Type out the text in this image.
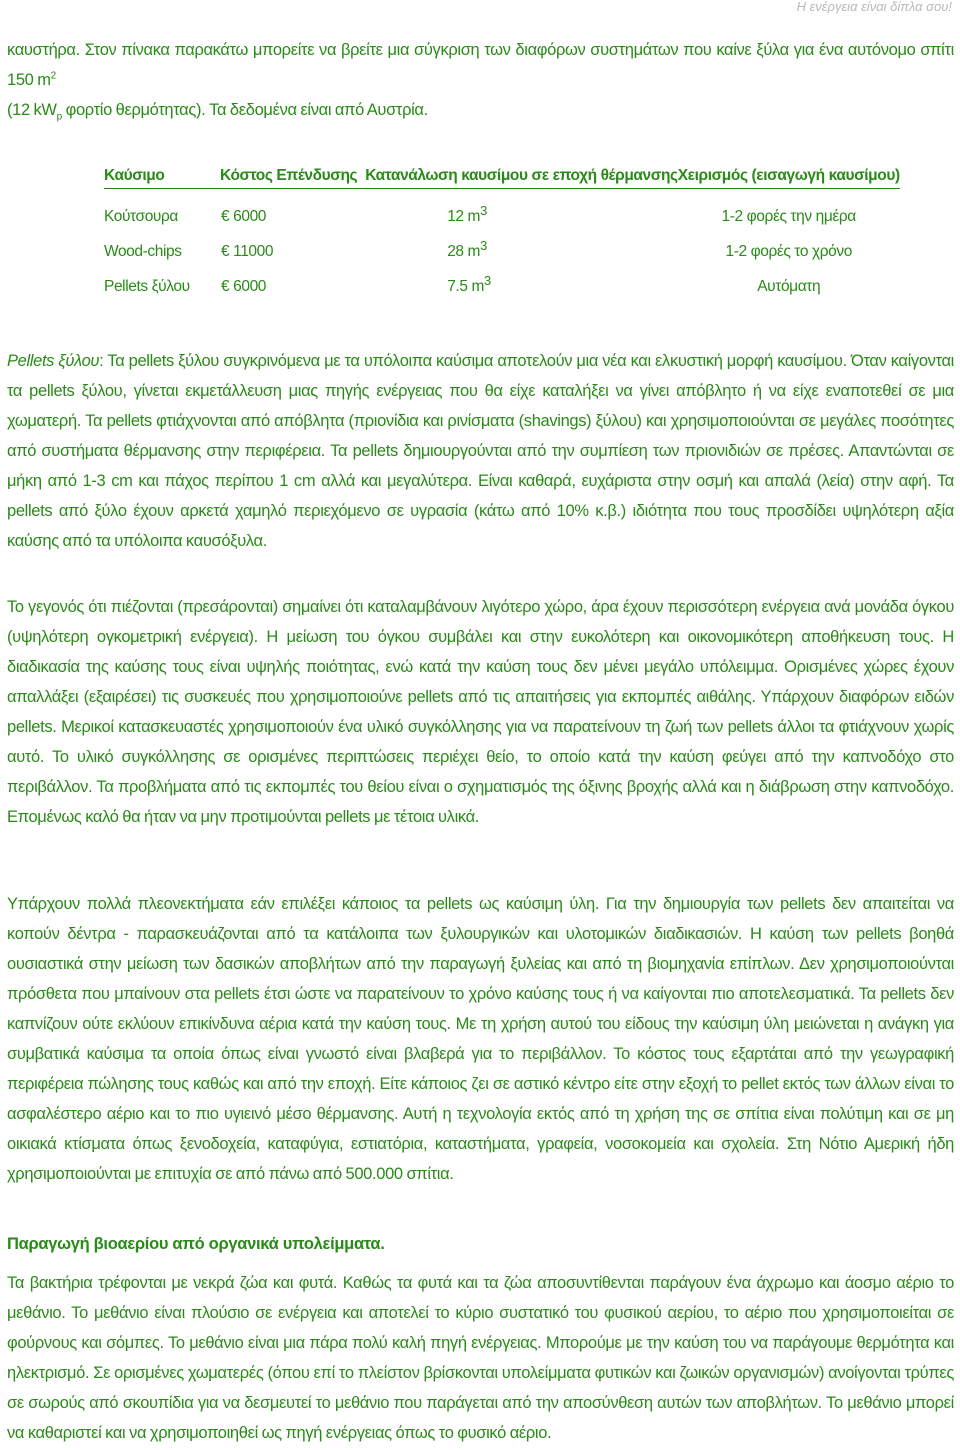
Η ενέργεια είναι δίπλα σου!

καυστήρα. Στον πίνακα παρακάτω μπορείτε να βρείτε μια σύγκριση των διαφόρων συστημάτων που καίνε ξύλα για ένα αυτόνομο σπίτι 150 $m^2$
(12 $kW_p$ φορτίο θερμότητας). Τα δεδομένα είναι από Αυστρία.

Καύσιμο	Κόστος Επένδυσης	Κατανάλωση καυσίμου σε εποχή θέρμανσης	Χειρισμός (εισαγωγή καυσίμου)
Κούτσουρα	€ 6000	12 $m^3$	1-2 φορές την ημέρα
Wood-chips	€ 11000	28 $m^3$	1-2 φορές το χρόνο
Pellets ξύλου	€ 6000	7.5 $m^3$	Αυτόματη

Pellets ξύλου: Τα pellets ξύλου συγκρινόμενα με τα υπόλοιπα καύσιμα αποτελούν μια νέα και ελκυστική μορφή καυσίμου. Όταν καίγονται τα pellets ξύλου, γίνεται εκμετάλλευση μιας πηγής ενέργειας που θα είχε καταλήξει να γίνει απόβλητο ή να είχε εναποτεθεί σε μια χωματερή. Τα pellets φτιάχνονται από απόβλητα (πριονίδια και ρινίσματα (shavings) ξύλου) και χρησιμοποιούνται σε μεγάλες ποσότητες από συστήματα θέρμανσης στην περιφέρεια. Τα pellets δημιουργούνται από την συμπίεση των πριονιδιών σε πρέσες. Απαντώνται σε μήκη από 1-3 cm και πάχος περίπου 1 cm αλλά και μεγαλύτερα. Είναι καθαρά, ευχάριστα στην οσμή και απαλά (λεία) στην αφή. Τα pellets από ξύλο έχουν αρκετά χαμηλό περιεχόμενο σε υγρασία (κάτω από 10% κ.β.) ιδιότητα που τους προσδίδει υψηλότερη αξία καύσης από τα υπόλοιπα καυσόξυλα.

Το γεγονός ότι πιέζονται (πρεσάρονται) σημαίνει ότι καταλαμβάνουν λιγότερο χώρο, άρα έχουν περισσότερη ενέργεια ανά μονάδα όγκου (υψηλότερη ογκομετρική ενέργεια). Η μείωση του όγκου συμβάλει και στην ευκολότερη και οικονομικότερη αποθήκευση τους. Η διαδικασία της καύσης τους είναι υψηλής ποιότητας, ενώ κατά την καύση τους δεν μένει μεγάλο υπόλειμμα. Ορισμένες χώρες έχουν απαλλάξει (εξαιρέσει) τις συσκευές που χρησιμοποιούνε pellets από τις απαιτήσεις για εκπομπές αιθάλης. Υπάρχουν διαφόρων ειδών pellets. Μερικοί κατασκευαστές χρησιμοποιούν ένα υλικό συγκόλλησης για να παρατείνουν τη ζωή των pellets άλλοι τα φτιάχνουν χωρίς αυτό. Το υλικό συγκόλλησης σε ορισμένες περιπτώσεις περιέχει θείο, το οποίο κατά την καύση φεύγει από την καπνοδόχο στο περιβάλλον. Τα προβλήματα από τις εκπομπές του θείου είναι ο σχηματισμός της όξινης βροχής αλλά και η διάβρωση στην καπνοδόχο. Επομένως καλό θα ήταν να μην προτιμούνται pellets με τέτοια υλικά.

Υπάρχουν πολλά πλεονεκτήματα εάν επιλέξει κάποιος τα pellets ως καύσιμη ύλη. Για την δημιουργία των pellets δεν απαιτείται να κοπούν δέντρα - παρασκευάζονται από τα κατάλοιπα των ξυλουργικών και υλοτομικών διαδικασιών. Η καύση των pellets βοηθά ουσιαστικά στην μείωση των δασικών αποβλήτων από την παραγωγή ξυλείας και από τη βιομηχανία επίπλων. Δεν χρησιμοποιούνται πρόσθετα που μπαίνουν στα pellets έτσι ώστε να παρατείνουν το χρόνο καύσης τους ή να καίγονται πιο αποτελεσματικά. Τα pellets δεν καπνίζουν ούτε εκλύουν επικίνδυνα αέρια κατά την καύση τους. Με τη χρήση αυτού του είδους την καύσιμη ύλη μειώνεται η ανάγκη για συμβατικά καύσιμα τα οποία όπως είναι γνωστό είναι βλαβερά για το περιβάλλον. Το κόστος τους εξαρτάται από την γεωγραφική περιφέρεια πώλησης τους καθώς και από την εποχή. Είτε κάποιος ζει σε αστικό κέντρο είτε στην εξοχή το pellet εκτός των άλλων είναι το ασφαλέστερο αέριο και το πιο υγιεινό μέσο θέρμανσης. Αυτή η τεχνολογία εκτός από τη χρήση της σε σπίτια είναι πολύτιμη και σε μη οικιακά κτίσματα όπως ξενοδοχεία, καταφύγια, εστιατόρια, καταστήματα, γραφεία, νοσοκομεία και σχολεία. Στη Νότιο Αμερική ήδη χρησιμοποιούνται με επιτυχία σε από πάνω από 500.000 σπίτια.

Παραγωγή βιοαερίου από οργανικά υπολείμματα.

Τα βακτήρια τρέφονται με νεκρά ζώα και φυτά. Καθώς τα φυτά και τα ζώα αποσυντίθενται παράγουν ένα άχρωμο και άοσμο αέριο το μεθάνιο. Το μεθάνιο είναι πλούσιο σε ενέργεια και αποτελεί το κύριο συστατικό του φυσικού αερίου, το αέριο που χρησιμοποιείται σε φούρνους και σόμπες. Το μεθάνιο είναι μια πάρα πολύ καλή πηγή ενέργειας. Μπορούμε με την καύση του να παράγουμε θερμότητα και ηλεκτρισμό. Σε ορισμένες χωματερές (όπου επί το πλείστον βρίσκονται υπολείμματα φυτικών και ζωικών οργανισμών) ανοίγονται τρύπες σε σωρούς από σκουπίδια για να δεσμευτεί το μεθάνιο που παράγεται από την αποσύνθεση αυτών των αποβλήτων. Το μεθάνιο μπορεί να καθαριστεί και να χρησιμοποιηθεί ως πηγή ενέργειας όπως το φυσικό αέριο.
